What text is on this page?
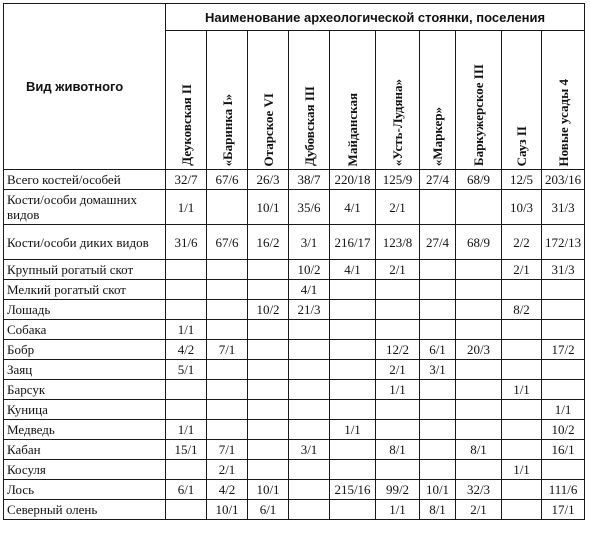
Вид животного	Наименование археологической стоянки, поселения									
	Деуковская II	«Баринка I»	Отарское VI	Дубовская III	Майданская	«Усть-Лудяна»	«Маркер»	Баркужерское III	Сауз II	Новые усады 4
Всего костей/особей	32/7	67/6	26/3	38/7	220/18	125/9	27/4	68/9	12/5	203/16
Кости/особи домашних видов	1/1		10/1	35/6	4/1	2/1			10/3	31/3
Кости/особи диких видов	31/6	67/6	16/2	3/1	216/17	123/8	27/4	68/9	2/2	172/13
Крупный рогатый скот				10/2	4/1	2/1			2/1	31/3
Мелкий рогатый скот				4/1						
Лошадь			10/2	21/3					8/2	
Собака	1/1									
Бобр	4/2	7/1				12/2	6/1	20/3		17/2
Заяц	5/1					2/1	3/1			
Барсук						1/1			1/1	
Куница										1/1
Медведь	1/1				1/1					10/2
Кабан	15/1	7/1		3/1		8/1		8/1		16/1
Косуля		2/1							1/1	
Лось	6/1	4/2	10/1		215/16	99/2	10/1	32/3		111/6
Северный олень		10/1	6/1			1/1	8/1	2/1		17/1
